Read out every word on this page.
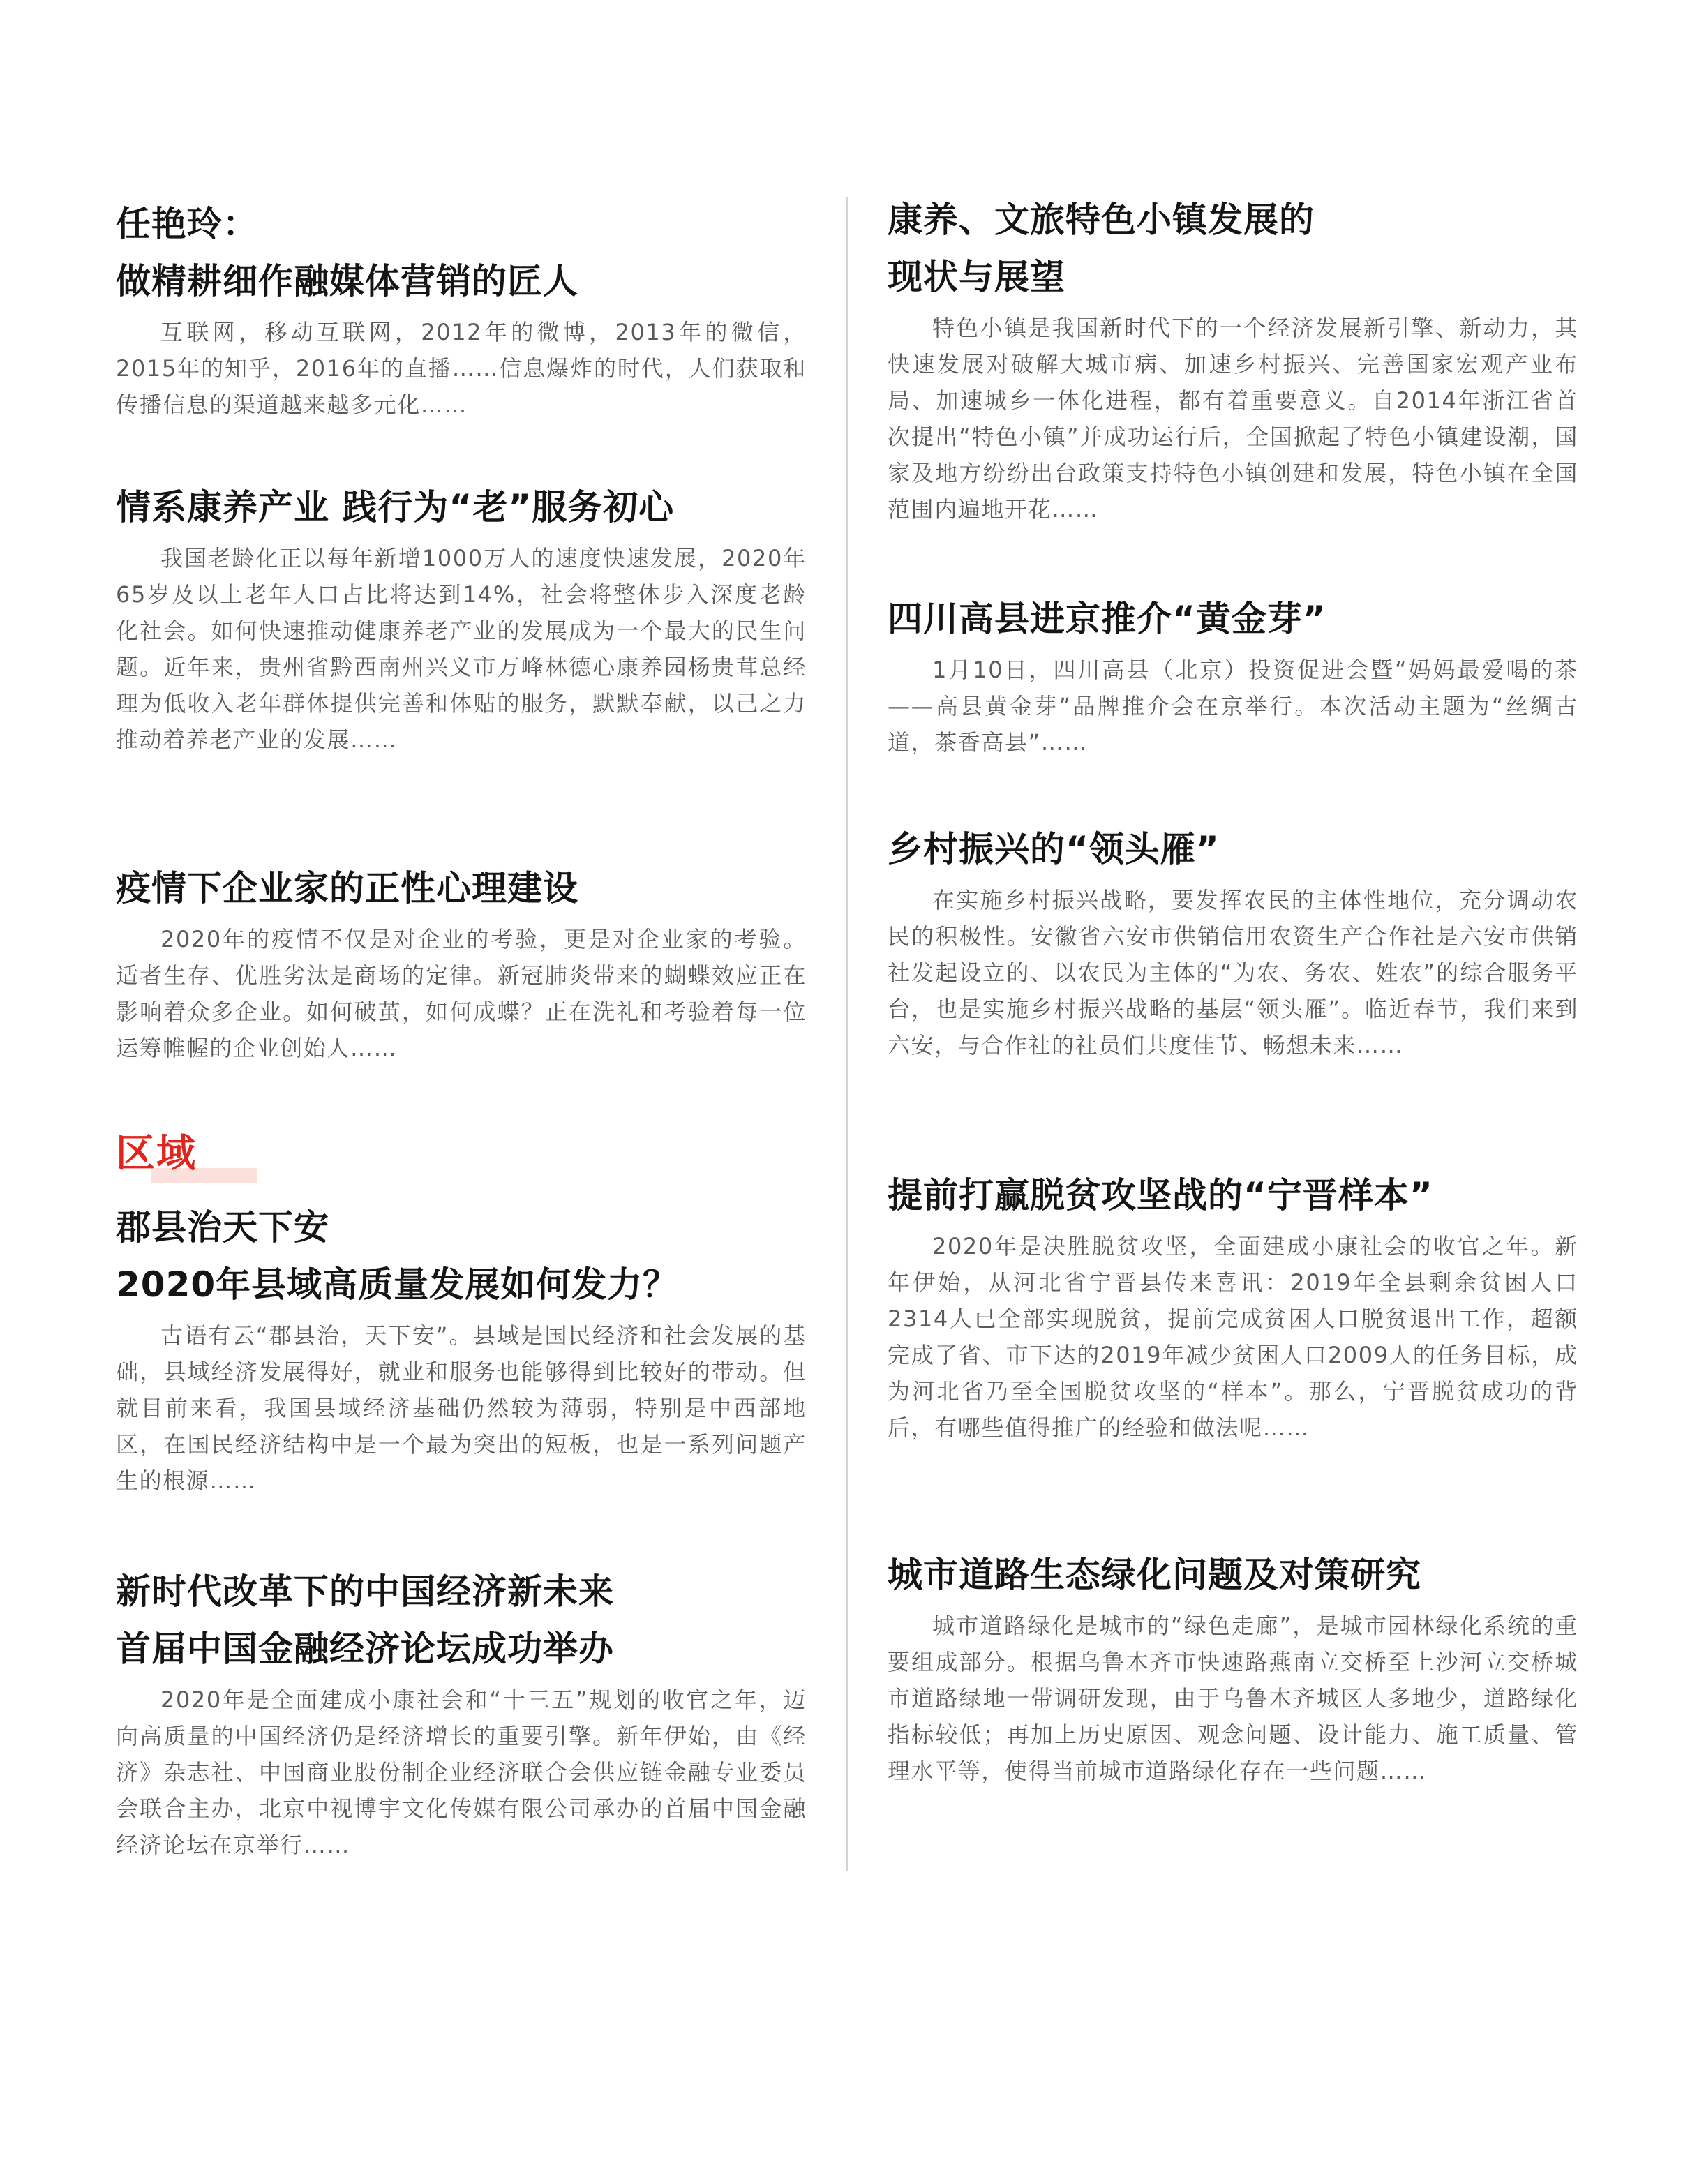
任艳玲：
做精耕细作融媒体营销的匠人

互联网，移动互联网，2012年的微博，2013年的微信，2015年的知乎，2016年的直播……信息爆炸的时代，人们获取和传播信息的渠道越来越多元化……

情系康养产业 践行为“老”服务初心

我国老龄化正以每年新增1000万人的速度快速发展，2020年65岁及以上老年人口占比将达到14%，社会将整体步入深度老龄化社会。如何快速推动健康养老产业的发展成为一个最大的民生问题。近年来，贵州省黔西南州兴义市万峰林德心康养园杨贵茸总经理为低收入老年群体提供完善和体贴的服务，默默奉献，以己之力推动着养老产业的发展……

疫情下企业家的正性心理建设

2020年的疫情不仅是对企业的考验，更是对企业家的考验。适者生存、优胜劣汰是商场的定律。新冠肺炎带来的蝴蝶效应正在影响着众多企业。如何破茧，如何成蝶？正在洗礼和考验着每一位运筹帷幄的企业创始人……

区域
郡县治天下安
2020年县域高质量发展如何发力？

古语有云“郡县治，天下安”。县域是国民经济和社会发展的基础，县域经济发展得好，就业和服务也能够得到比较好的带动。但就目前来看，我国县域经济基础仍然较为薄弱，特别是中西部地区，在国民经济结构中是一个最为突出的短板，也是一系列问题产生的根源……

新时代改革下的中国经济新未来
首届中国金融经济论坛成功举办

2020年是全面建成小康社会和“十三五”规划的收官之年，迈向高质量的中国经济仍是经济增长的重要引擎。新年伊始，由《经济》杂志社、中国商业股份制企业经济联合会供应链金融专业委员会联合主办，北京中视博宇文化传媒有限公司承办的首届中国金融经济论坛在京举行……

康养、文旅特色小镇发展的
现状与展望

特色小镇是我国新时代下的一个经济发展新引擎、新动力，其快速发展对破解大城市病、加速乡村振兴、完善国家宏观产业布局、加速城乡一体化进程，都有着重要意义。自2014年浙江省首次提出“特色小镇”并成功运行后，全国掀起了特色小镇建设潮，国家及地方纷纷出台政策支持特色小镇创建和发展，特色小镇在全国范围内遍地开花……

四川高县进京推介“黄金芽”

1月10日，四川高县（北京）投资促进会暨“妈妈最爱喝的茶——高县黄金芽”品牌推介会在京举行。本次活动主题为“丝绸古道，茶香高县”……

乡村振兴的“领头雁”

在实施乡村振兴战略，要发挥农民的主体性地位，充分调动农民的积极性。安徽省六安市供销信用农资生产合作社是六安市供销社发起设立的、以农民为主体的“为农、务农、姓农”的综合服务平台，也是实施乡村振兴战略的基层“领头雁”。临近春节，我们来到六安，与合作社的社员们共度佳节、畅想未来……

提前打赢脱贫攻坚战的“宁晋样本”

2020年是决胜脱贫攻坚，全面建成小康社会的收官之年。新年伊始，从河北省宁晋县传来喜讯：2019年全县剩余贫困人口2314人已全部实现脱贫，提前完成贫困人口脱贫退出工作，超额完成了省、市下达的2019年减少贫困人口2009人的任务目标，成为河北省乃至全国脱贫攻坚的“样本”。那么，宁晋脱贫成功的背后，有哪些值得推广的经验和做法呢……

城市道路生态绿化问题及对策研究

城市道路绿化是城市的“绿色走廊”，是城市园林绿化系统的重要组成部分。根据乌鲁木齐市快速路燕南立交桥至上沙河立交桥城市道路绿地一带调研发现，由于乌鲁木齐城区人多地少，道路绿化指标较低；再加上历史原因、观念问题、设计能力、施工质量、管理水平等，使得当前城市道路绿化存在一些问题……
